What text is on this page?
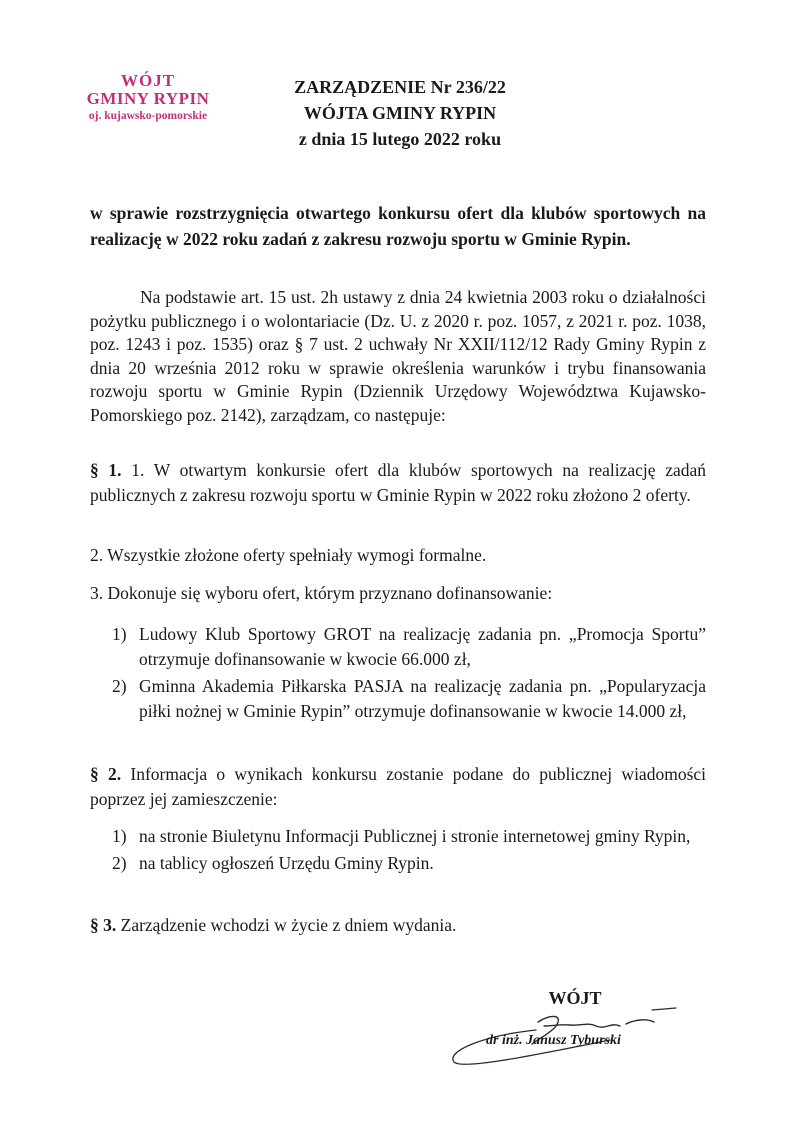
WÓJT
GMINY RYPIN
oj. kujawsko-pomorskie
ZARZĄDZENIE Nr 236/22
WÓJTA GMINY RYPIN
z dnia 15 lutego 2022 roku
w sprawie rozstrzygnięcia otwartego konkursu ofert dla klubów sportowych na realizację w 2022 roku zadań z zakresu rozwoju sportu w Gminie Rypin.
Na podstawie art. 15 ust. 2h ustawy z dnia 24 kwietnia 2003 roku o działalności pożytku publicznego i o wolontariacie (Dz. U. z 2020 r. poz. 1057, z 2021 r. poz. 1038, poz. 1243 i poz. 1535) oraz § 7 ust. 2 uchwały Nr XXII/112/12 Rady Gminy Rypin z dnia 20 września 2012 roku w sprawie określenia warunków i trybu finansowania rozwoju sportu w Gminie Rypin (Dziennik Urzędowy Województwa Kujawsko-Pomorskiego poz. 2142), zarządzam, co następuje:
§ 1. 1. W otwartym konkursie ofert dla klubów sportowych na realizację zadań publicznych z zakresu rozwoju sportu w Gminie Rypin w 2022 roku złożono 2 oferty.
2. Wszystkie złożone oferty spełniały wymogi formalne.
3. Dokonuje się wyboru ofert, którym przyznano dofinansowanie:
1) Ludowy Klub Sportowy GROT na realizację zadania pn. „Promocja Sportu” otrzymuje dofinansowanie w kwocie 66.000 zł,
2) Gminna Akademia Piłkarska PASJA na realizację zadania pn. „Popularyzacja piłki nożnej w Gminie Rypin” otrzymuje dofinansowanie w kwocie 14.000 zł,
§ 2. Informacja o wynikach konkursu zostanie podane do publicznej wiadomości poprzez jej zamieszczenie:
1) na stronie Biuletynu Informacji Publicznej i stronie internetowej gminy Rypin,
2) na tablicy ogłoszeń Urzędu Gminy Rypin.
§ 3. Zarządzenie wchodzi w życie z dniem wydania.
WÓJT
dr inż. Janusz Tyburski
